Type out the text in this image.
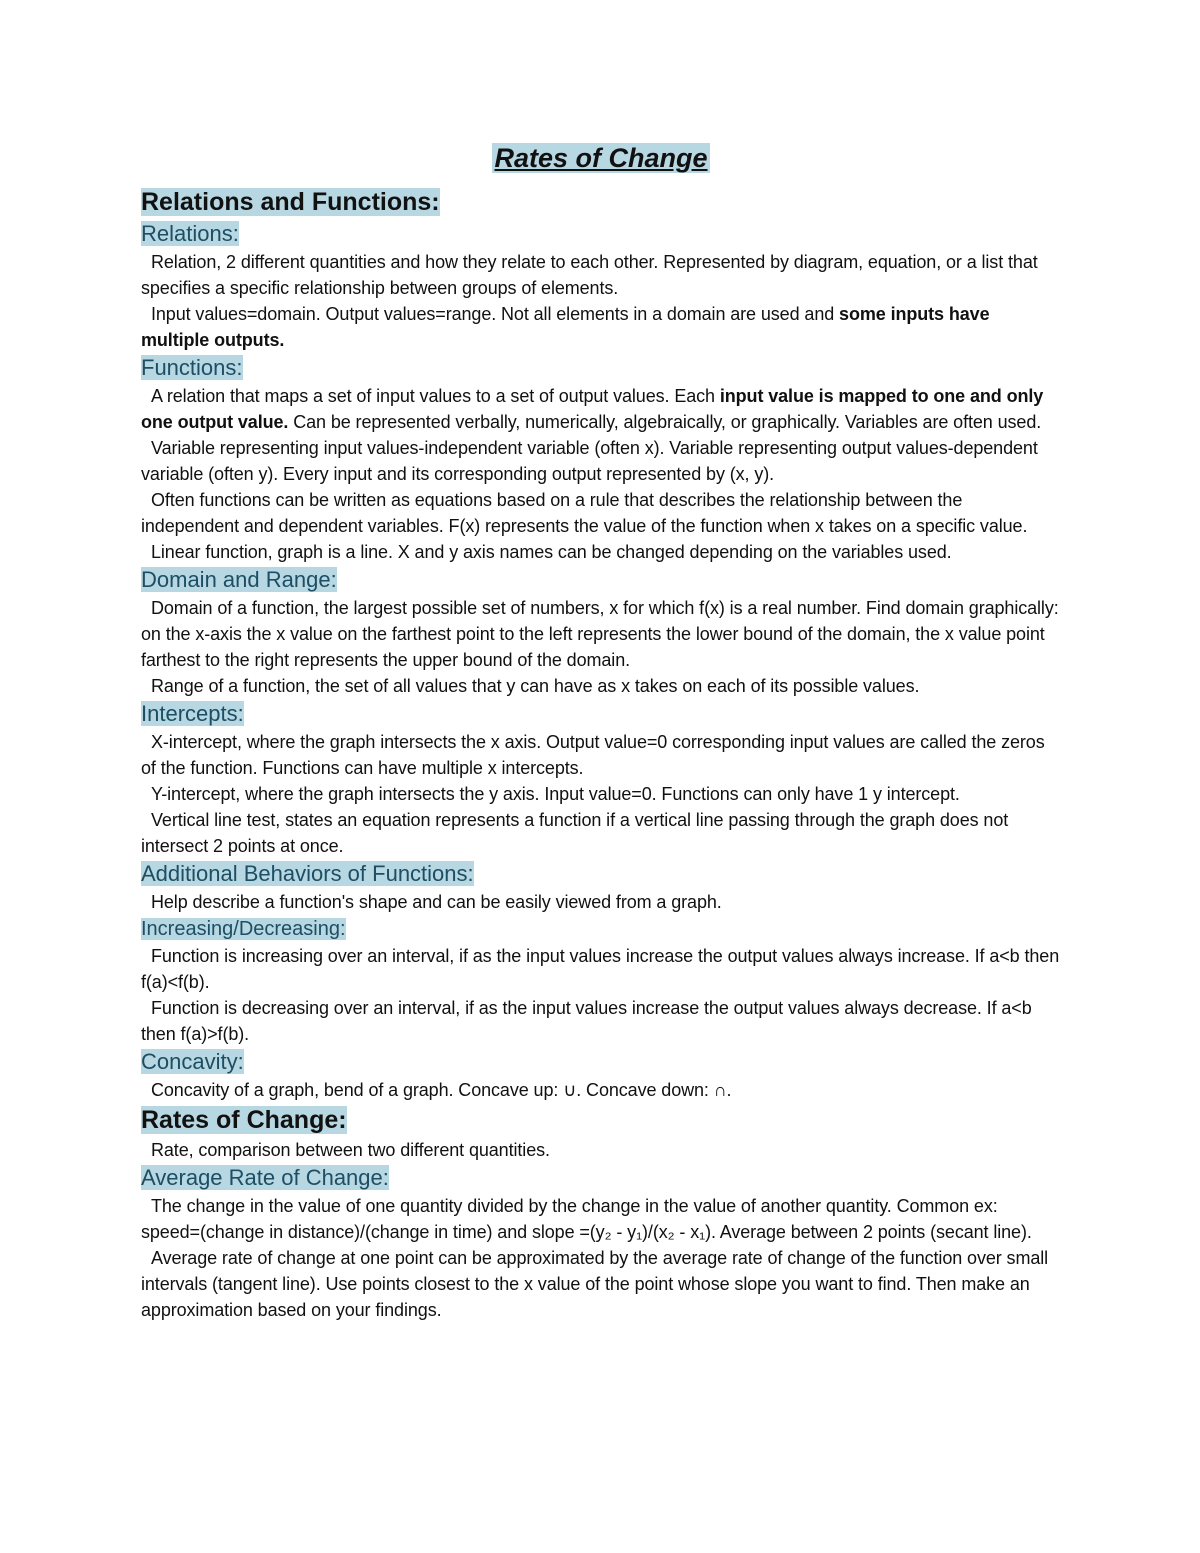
Rates of Change
Relations and Functions:
Relations:

Relation, 2 different quantities and how they relate to each other. Represented by diagram, equation, or a list that specifies a specific relationship between groups of elements.

Input values=domain. Output values=range. Not all elements in a domain are used and some inputs have multiple outputs.

Functions:

A relation that maps a set of input values to a set of output values. Each input value is mapped to one and only one output value. Can be represented verbally, numerically, algebraically, or graphically. Variables are often used.

Variable representing input values-independent variable (often x). Variable representing output values-dependent variable (often y). Every input and its corresponding output represented by (x, y).

Often functions can be written as equations based on a rule that describes the relationship between the independent and dependent variables. F(x) represents the value of the function when x takes on a specific value.

Linear function, graph is a line. X and y axis names can be changed depending on the variables used.

Domain and Range:

Domain of a function, the largest possible set of numbers, x for which f(x) is a real number. Find domain graphically: on the x-axis the x value on the farthest point to the left represents the lower bound of the domain, the x value point farthest to the right represents the upper bound of the domain.

Range of a function, the set of all values that y can have as x takes on each of its possible values.

Intercepts:

X-intercept, where the graph intersects the x axis. Output value=0 corresponding input values are called the zeros of the function. Functions can have multiple x intercepts.

Y-intercept, where the graph intersects the y axis. Input value=0. Functions can only have 1 y intercept.

Vertical line test, states an equation represents a function if a vertical line passing through the graph does not intersect 2 points at once.

Additional Behaviors of Functions:

Help describe a function's shape and can be easily viewed from a graph.

Increasing/Decreasing:

Function is increasing over an interval, if as the input values increase the output values always increase. If a<b then f(a)<f(b).

Function is decreasing over an interval, if as the input values increase the output values always decrease. If a<b then f(a)>f(b).

Concavity:

Concavity of a graph, bend of a graph. Concave up: ∪. Concave down: ∩.

Rates of Change:

Rate, comparison between two different quantities.

Average Rate of Change:

The change in the value of one quantity divided by the change in the value of another quantity. Common ex: speed=(change in distance)/(change in time) and slope =(y₂ - y₁)/(x₂ - x₁). Average between 2 points (secant line).

Average rate of change at one point can be approximated by the average rate of change of the function over small intervals (tangent line). Use points closest to the x value of the point whose slope you want to find. Then make an approximation based on your findings.
